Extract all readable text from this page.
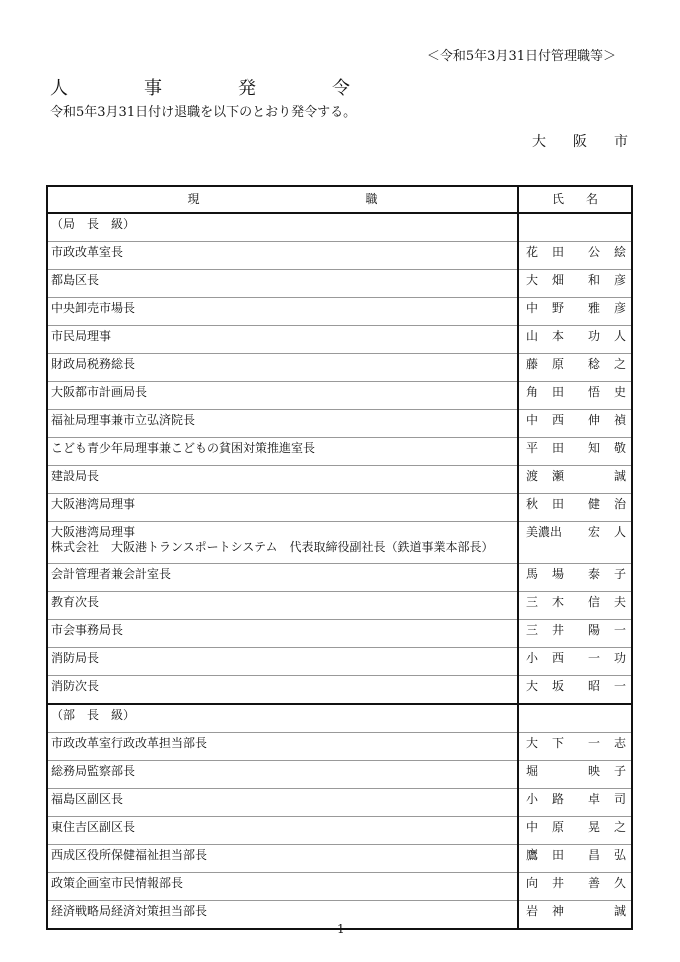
＜令和5年3月31日付管理職等＞
人事発令
令和5年3月31日付け退職を以下のとおり発令する。
大阪市
現職	氏名

（局　長　級）	

市政改革室長	花田 公絵

都島区長	大畑 和彦

中央卸売市場長	中野 雅彦

市民局理事	山本 功人

財政局税務総長	藤原 稔之

大阪都市計画局長	角田 悟史

福祉局理事兼市立弘済院長	中西 伸禎

こども青少年局理事兼こどもの貧困対策推進室長	平田 知敬

建設局長	渡瀬 誠

大阪港湾局理事	秋田 健治

大阪港湾局理事
株式会社　大阪港トランスポートシステム　代表取締役副社長（鉄道事業本部長）	美濃出 宏人

会計管理者兼会計室長	馬場 泰子

教育次長	三木 信夫

市会事務局長	三井 陽一

消防局長	小西 一功

消防次長	大坂 昭一

（部　長　級）	

市政改革室行政改革担当部長	大下 一志

総務局監察部長	堀 映子

福島区副区長	小路 卓司

東住吉区副区長	中原 晃之

西成区役所保健福祉担当部長	鷹田 昌弘

政策企画室市民情報部長	向井 善久

経済戦略局経済対策担当部長	岩神 誠
1
